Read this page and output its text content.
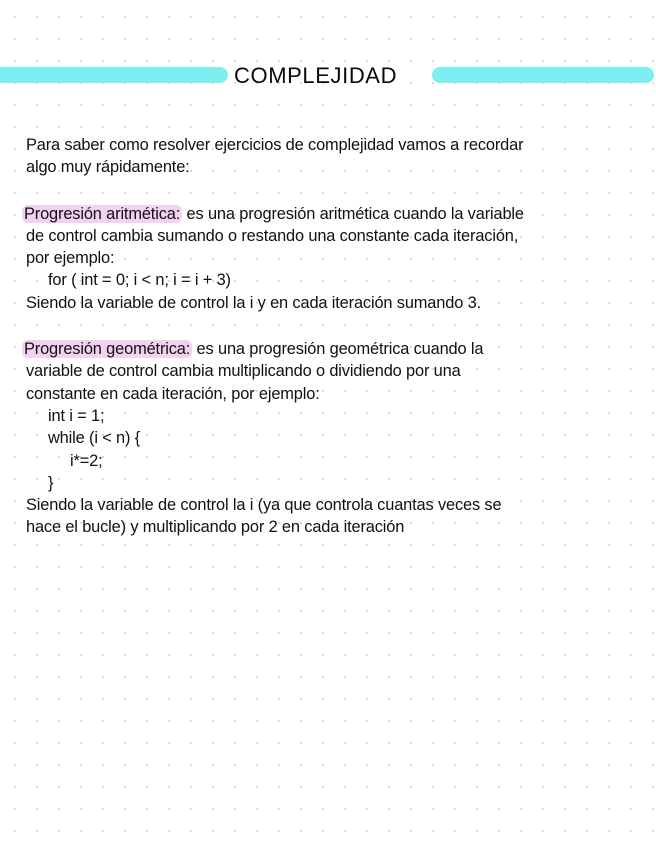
COMPLEJIDAD

Para saber como resolver ejercicios de complejidad vamos a recordar

algo muy rápidamente:

Progresión aritmética: es una progresión aritmética cuando la variable

de control cambia sumando o restando una constante cada iteración,

por ejemplo:

for ( int = 0; i < n; i = i + 3)

Siendo la variable de control la i y en cada iteración sumando 3.

Progresión geométrica: es una progresión geométrica cuando la

variable de control cambia multiplicando o dividiendo por una

constante en cada iteración, por ejemplo:

int i = 1;

while (i < n) {

i*=2;

}

Siendo la variable de control la i (ya que controla cuantas veces se

hace el bucle) y multiplicando por 2 en cada iteración
